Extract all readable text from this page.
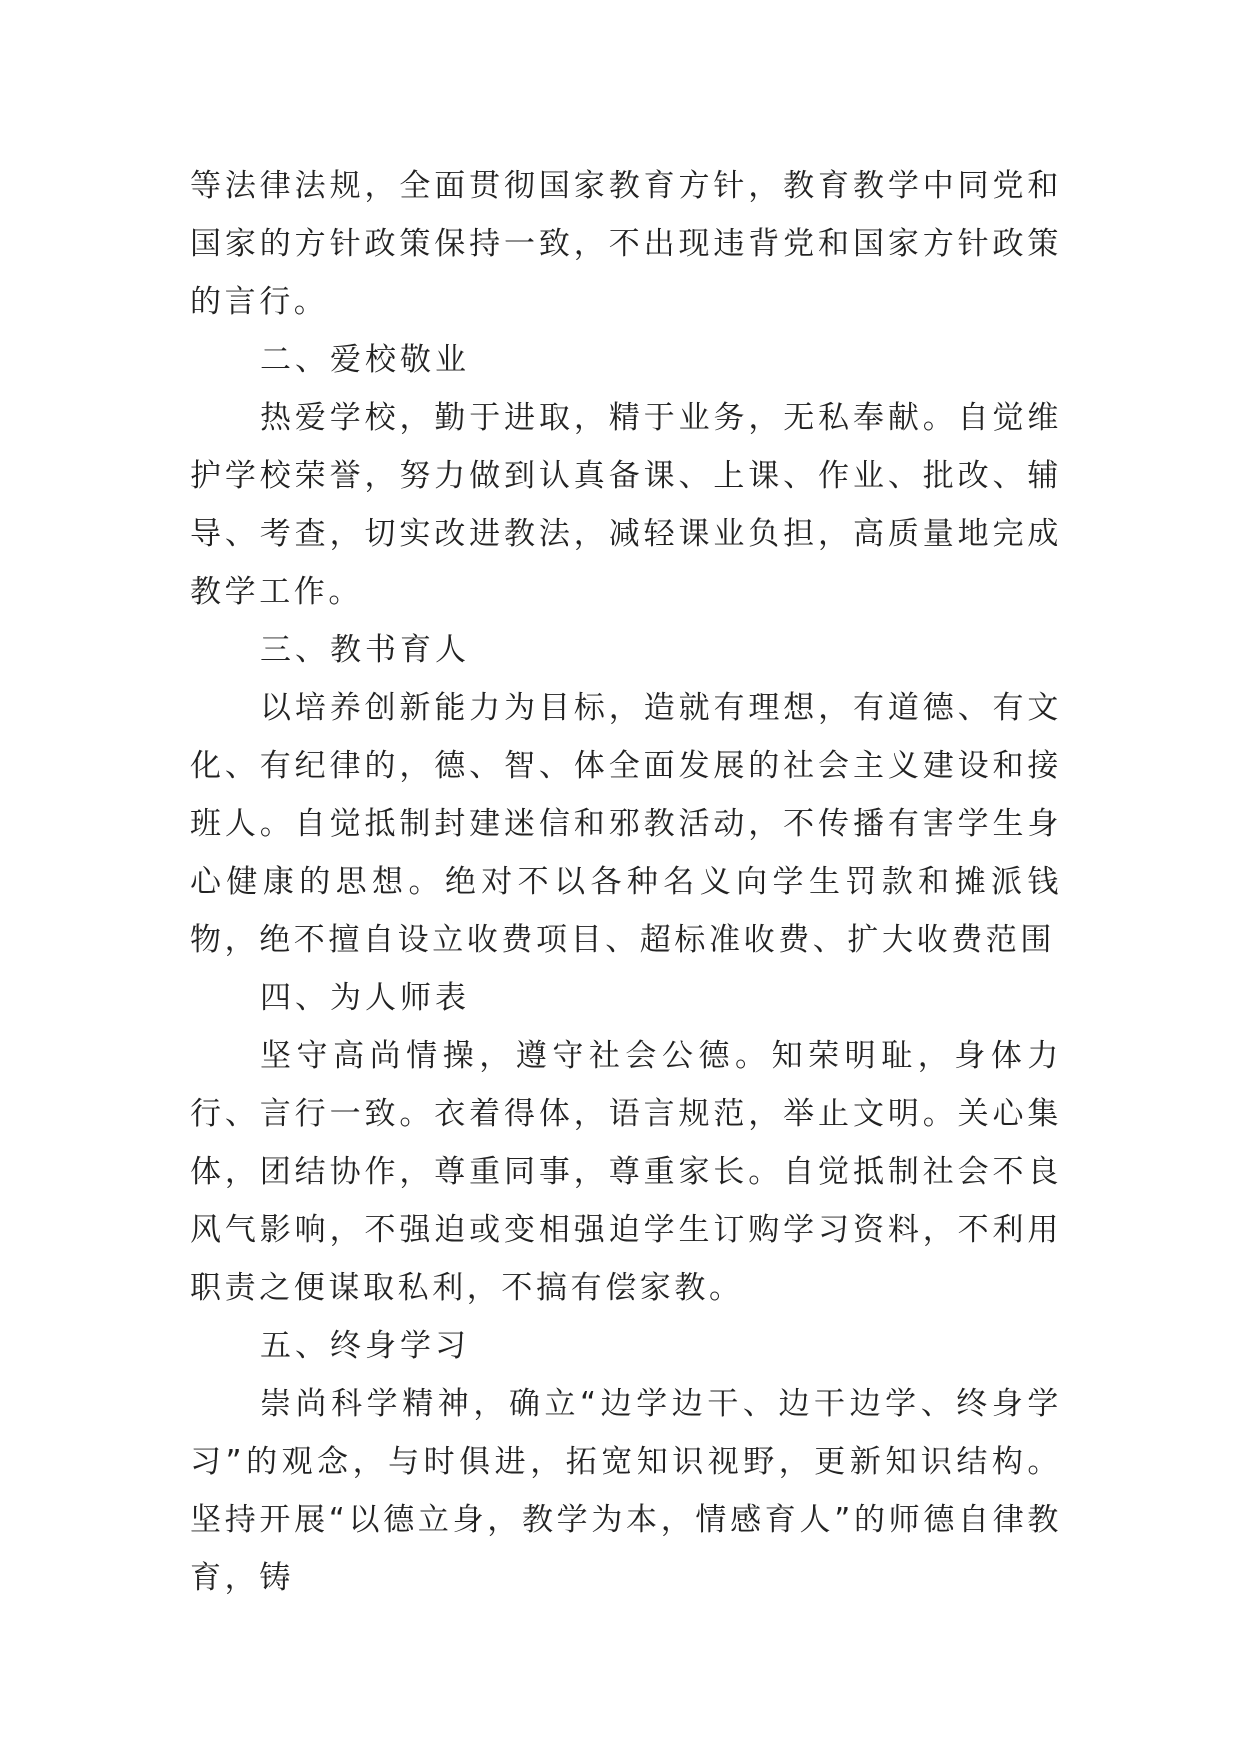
等法律法规，全面贯彻国家教育方针，教育教学中同党和国家的方针政策保持一致，不出现违背党和国家方针政策的言行。

二、爱校敬业

热爱学校，勤于进取，精于业务，无私奉献。自觉维护学校荣誉，努力做到认真备课、上课、作业、批改、辅导、考查，切实改进教法，减轻课业负担，高质量地完成教学工作。

三、教书育人

以培养创新能力为目标，造就有理想，有道德、有文化、有纪律的，德、智、体全面发展的社会主义建设和接班人。自觉抵制封建迷信和邪教活动，不传播有害学生身心健康的思想。绝对不以各种名义向学生罚款和摊派钱物，绝不擅自设立收费项目、超标准收费、扩大收费范围

四、为人师表

坚守高尚情操，遵守社会公德。知荣明耻，身体力行、言行一致。衣着得体，语言规范，举止文明。关心集体，团结协作，尊重同事，尊重家长。自觉抵制社会不良风气影响，不强迫或变相强迫学生订购学习资料，不利用职责之便谋取私利，不搞有偿家教。

五、终身学习

崇尚科学精神，确立“边学边干、边干边学、终身学习”的观念，与时俱进，拓宽知识视野，更新知识结构。坚持开展“以德立身，教学为本，情感育人”的师德自律教育，铸
